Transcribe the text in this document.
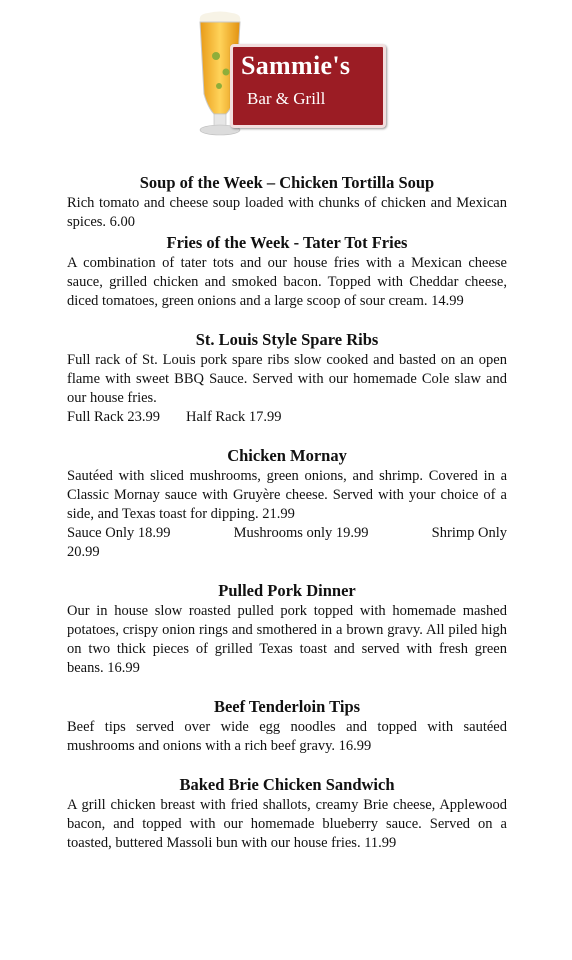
Sammie's
Bar & Grill

Soup of the Week – Chicken Tortilla Soup

Rich tomato and cheese soup loaded with chunks of chicken and Mexican spices. 6.00

Fries of the Week - Tater Tot Fries

A combination of tater tots and our house fries with a Mexican cheese sauce, grilled chicken and smoked bacon. Topped with Cheddar cheese, diced tomatoes, green onions and a large scoop of sour cream. 14.99

St. Louis Style Spare Ribs

Full rack of St. Louis pork spare ribs slow cooked and basted on an open flame with sweet BBQ Sauce. Served with our homemade Cole slaw and our house fries.

Full Rack 23.99 Half Rack 17.99

Chicken Mornay

Sautéed with sliced mushrooms, green onions, and shrimp. Covered in a Classic Mornay sauce with Gruyère cheese. Served with your choice of a side, and Texas toast for dipping. 21.99

Sauce Only 18.99	Mushrooms only 19.99	Shrimp Only

20.99

Pulled Pork Dinner

Our in house slow roasted pulled pork topped with homemade mashed potatoes, crispy onion rings and smothered in a brown gravy. All piled high on two thick pieces of grilled Texas toast and served with fresh green beans. 16.99

Beef Tenderloin Tips

Beef tips served over wide egg noodles and topped with sautéed mushrooms and onions with a rich beef gravy. 16.99

Baked Brie Chicken Sandwich

A grill chicken breast with fried shallots, creamy Brie cheese, Applewood bacon, and topped with our homemade blueberry sauce. Served on a toasted, buttered Massoli bun with our house fries. 11.99
